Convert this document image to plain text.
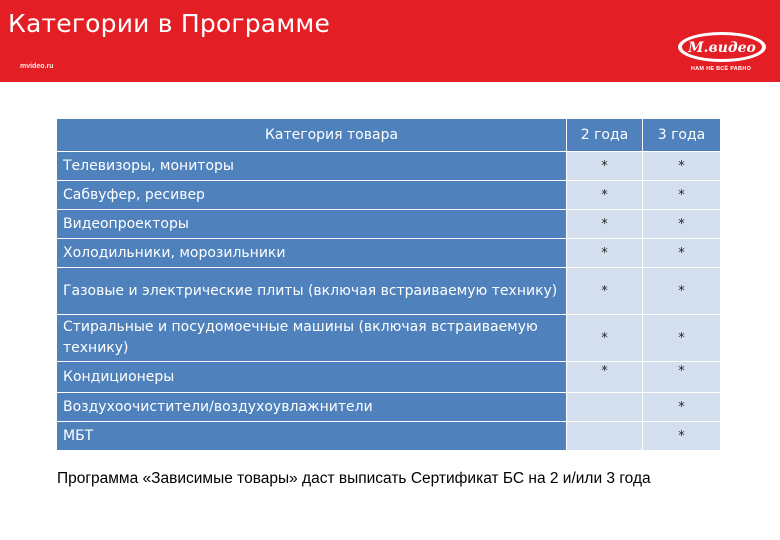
Категории в Программе
mvideo.ru
М.видео
НАМ НЕ ВСЁ РАВНО
Категория товара	2 года	3 года
Телевизоры, мониторы	*	*
Сабвуфер, ресивер	*	*
Видеопроекторы	*	*
Холодильники, морозильники	*	*
Газовые и электрические плиты (включая встраиваемую технику)	*	*
Стиральные и посудомоечные машины (включая встраиваемую технику)	*	*
Кондиционеры	*	*
Воздухоочистители/воздухоувлажнители		*
МБТ		*
Программа «Зависимые товары» даст выписать Сертификат БС на 2 и/или 3 года
